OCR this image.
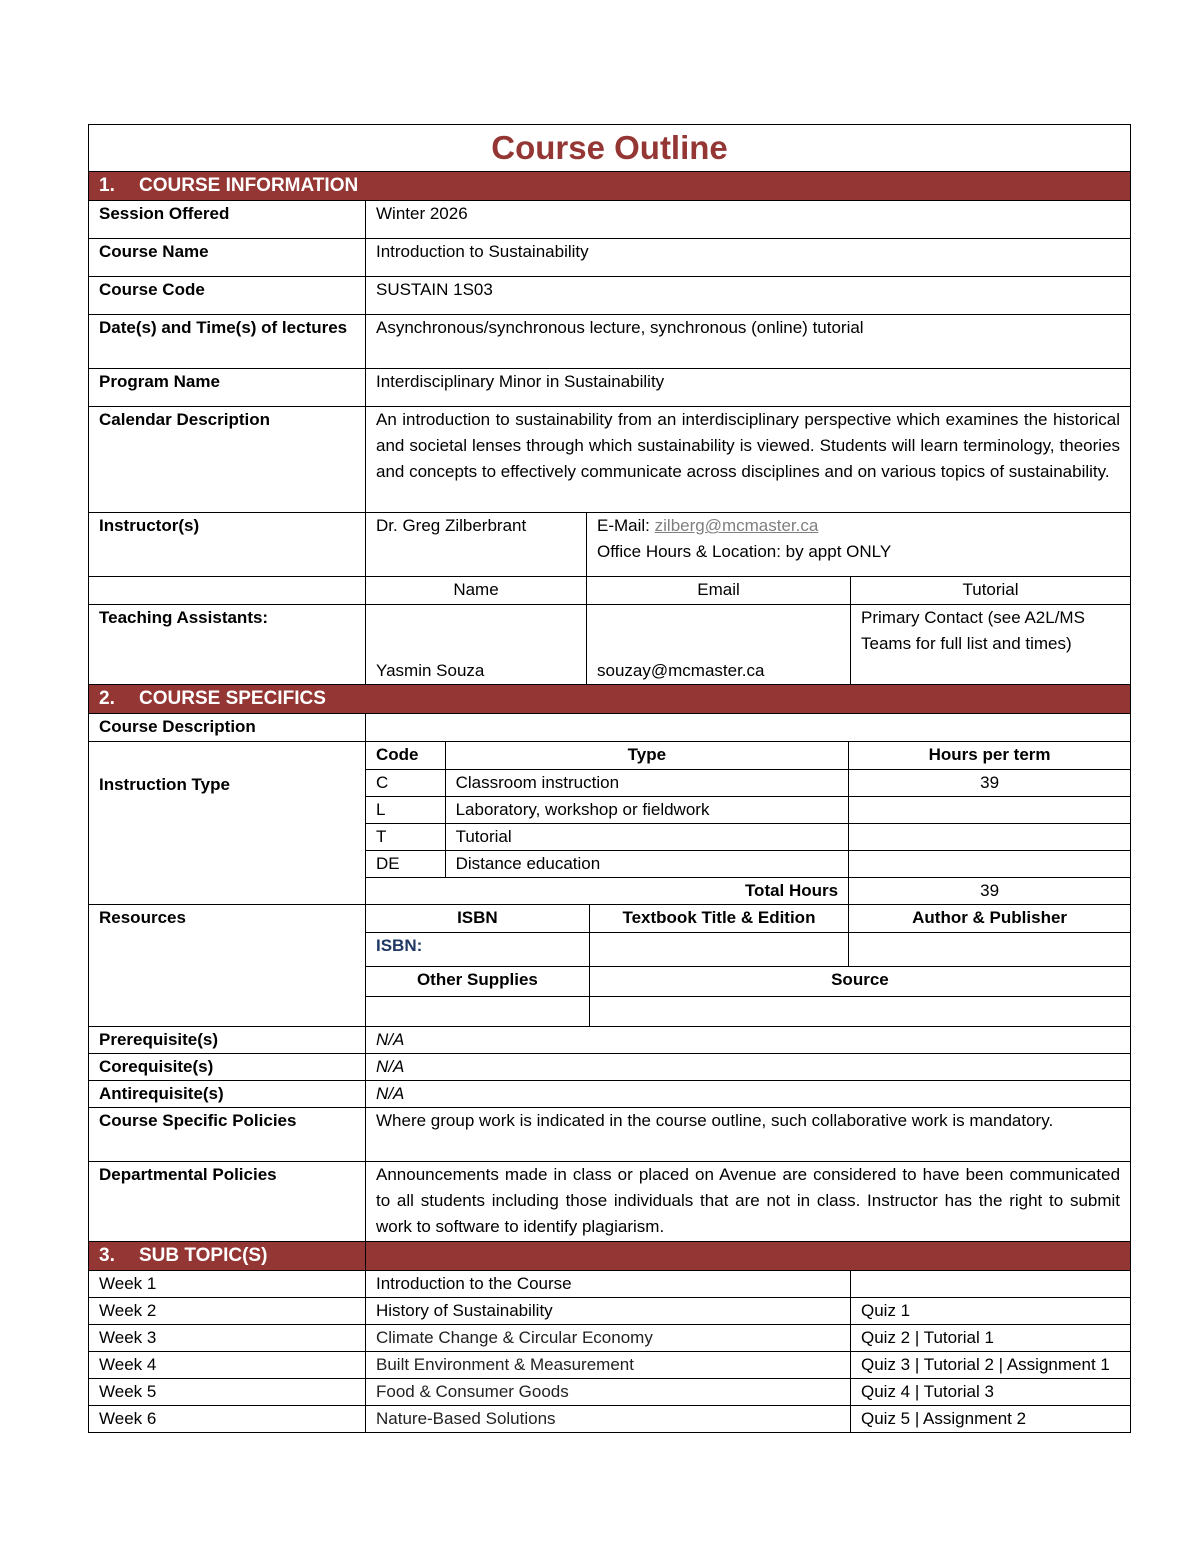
Course Outline
1. COURSE INFORMATION
Session Offered	Winter 2026
Course Name	Introduction to Sustainability
Course Code	SUSTAIN 1S03
Date(s) and Time(s) of lectures	Asynchronous/synchronous lecture, synchronous (online) tutorial
Program Name	Interdisciplinary Minor in Sustainability
Calendar Description	An introduction to sustainability from an interdisciplinary perspective which examines the historical and societal lenses through which sustainability is viewed. Students will learn terminology, theories and concepts to effectively communicate across disciplines and on various topics of sustainability.
Instructor(s)	Dr. Greg Zilberbrant	E-Mail: zilberg@mcmaster.ca
Office Hours & Location: by appt ONLY

	Name	Email	Tutorial
Teaching Assistants:	Yasmin Souza	souzay@mcmaster.ca	Primary Contact (see A2L/MS Teams for full list and times)
2. COURSE SPECIFICS
Course Description	
Instruction Type	
Code	Type	Hours per term
C	Classroom instruction	39
L	Laboratory, workshop or fieldwork	
T	Tutorial	
DE	Distance education	
Total Hours	39

Resources		ISBN	Textbook Title & Edition	Author & Publisher
ISBN:		
Other Supplies	Source

Prerequisite(s)	N/A
Corequisite(s)	N/A
Antirequisite(s)	N/A
Course Specific Policies	Where group work is indicated in the course outline, such collaborative work is mandatory.
Departmental Policies	Announcements made in class or placed on Avenue are considered to have been communicated to all students including those individuals that are not in class. Instructor has the right to submit work to software to identify plagiarism.
3. SUB TOPIC(S)	
Week 1	Introduction to the Course	
Week 2	History of Sustainability	Quiz 1
Week 3	Climate Change & Circular Economy	Quiz 2 | Tutorial 1
Week 4	Built Environment & Measurement	Quiz 3 | Tutorial 2 | Assignment 1
Week 5	Food & Consumer Goods	Quiz 4 | Tutorial 3
Week 6	Nature-Based Solutions	Quiz 5 | Assignment 2
